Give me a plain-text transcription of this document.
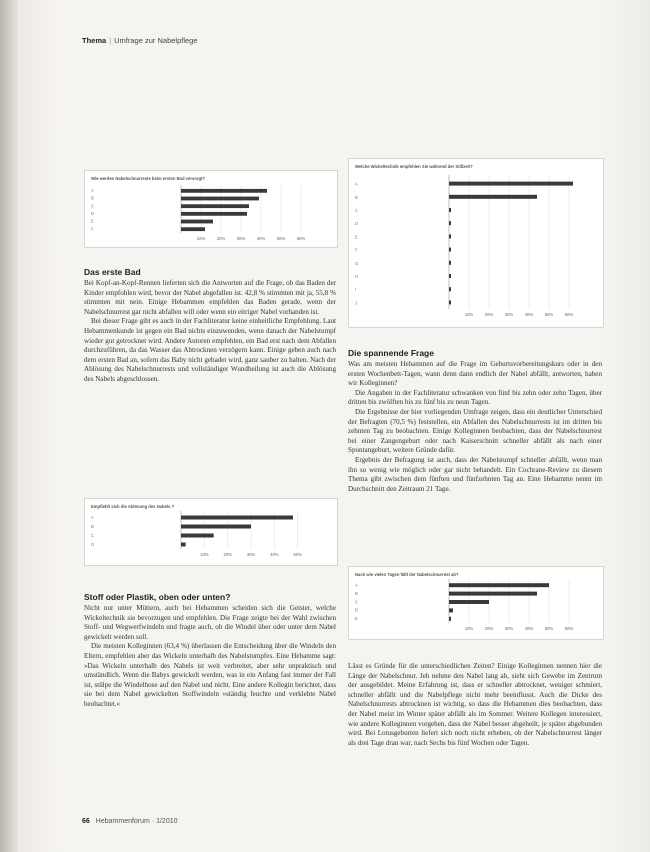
Thema | Umfrage zur Nabelpflege
Wie werden Nabelschnurreste beim ersten Bad versorgt?
10%	20%	30%	40%	50%	60%
A
B
C
D
E
F
Welche Wickeltechnik empfehlen Sie während der Stillzeit?
10%	20%	30%	40%	50%	60%
A
B
C
D
E
F
G
H
I
J
Empfiehlt sich die Ablösung des Nabels ?
10%	20%	30%	40%	50%
A
B
C
D
Nach wie vielen Tagen fällt der Nabelschnurrest ab?
10%	20%	30%	40%	50%	60%
A
B
C
D
E
Das erste Bad

Bei Kopf-an-Kopf-Rennen lieferten sich die Antworten auf die Frage, ob das Baden der Kinder empfohlen wird, bevor der Nabel abgefallen ist. 42,8 % stimmten mit ja, 55,8 % stimmten mit nein. Einige Hebammen empfehlen das Baden gerade, wenn der Nabelschnurrest gar nicht abfallen will oder wenn ein eitriger Nabel vorhanden ist.

Bei dieser Frage gibt es auch in der Fachliteratur keine einheitliche Empfehlung. Laut Hebammenkunde ist gegen ein Bad nichts einzuwenden, wenn danach der Nabelstumpf wieder gut getrocknet wird. Andere Autoren empfehlen, ein Bad erst nach dem Abfallen durchzuführen, da das Wasser das Abtrocknen verzögern kann. Einige geben auch nach dem ersten Bad an, sofern das Baby nicht gebadet wird, ganz sauber zu halten. Nach der Ablösung des Nabelschnurrests und vollständiger Wundheilung ist auch die Ablösung des Nabels abgeschlossen.

Stoff oder Plastik, oben oder unten?

Nicht nur unter Müttern, auch bei Hebammen scheiden sich die Geister, welche Wickeltechnik sie bevorzugen und empfehlen. Die Frage zeigte bei der Wahl zwischen Stoff- und Wegwerfwindeln und fragte auch, ob die Windel über oder unter dem Nabel gewickelt werden soll.

Die meisten Kolleginnen (63,4 %) überlassen die Entscheidung über die Windeln den Eltern, empfehlen aber das Wickeln unterhalb des Nabelstumpfes. Eine Hebamme sagt: »Das Wickeln unterhalb des Nabels ist weit verbreitet, aber sehr unpraktisch und umständlich. Wenn die Babys gewickelt werden, was in ein Anfang fast immer der Fall ist, stülpe die Windelhose auf den Nabel und nicht. Eine andere Kollegin berichtet, dass sie bei dem Nabel gewickelten Stoffwindeln »ständig feuchte und verklebte Nabel beobachtet.«

Die spannende Frage

Was am meisten Hebammen auf die Frage im Geburtsvorbereitungskurs oder in den ersten Wochenbett-Tagen, wann denn dann endlich der Nabel abfällt, antworten, haben wir Kolleginnen?

Die Angaben in der Fachliteratur schwanken von fünf bis zehn oder zehn Tagen, über dritten bis zwölften bis zu fünf bis zu neun Tagen.

Die Ergebnisse der hier vorliegenden Umfrage zeigen, dass ein deutlicher Unterschied der Befragten (70,5 %) feststellen, ein Abfallen des Nabelschnurrests ist im dritten bis zehnten Tag zu beobachten. Einige Kolleginnen beobachten, dass der Nabelschnurrest bei einer Zangengeburt oder nach Kaiserschnitt schneller abfällt als nach einer Spontangeburt, weitere Gründe dafür.

Ergebnis der Befragung ist auch, dass der Nabelstumpf schneller abfällt, wenn man ihn so wenig wie möglich oder gar nicht behandelt. Ein Cochrane-Review zu diesem Thema gibt zwischen dem fünften und fünfzehnten Tag an. Eine Hebamme nennt im Durchschnitt den Zeitraum 21 Tage.

Lässt es Gründe für die unterschiedlichen Zeiten? Einige Kolleginnen nennen hier die Länge der Nabelschnur. Jeh nehme den Nabel lang ab, sieht sich Gewebe im Zentrum der ausgebildet. Meine Erfahrung ist, dass er schneller abtrocknet, weniger schmiert, schneller abfällt und die Nabelpflege nicht mehr beeinflusst. Auch die Dicke des Nabelschnurrests abtrocknen ist wichtig, so dass die Hebammen dies beobachten, dass der Nabel meist im Winter später abfällt als im Sommer. Weitere Kollegen interessiert, wie andere Kolleginnen vorgehen, dass der Nabel besser abgeheilt, je später abgebunden wird. Bei Lotusgeburten liefert sich noch nicht erheben, ob der Nabelschnurrest länger als drei Tage dran war, nach Sechs bis fünf Wochen oder Tagen.

66 Hebammenforum · 1/2010
